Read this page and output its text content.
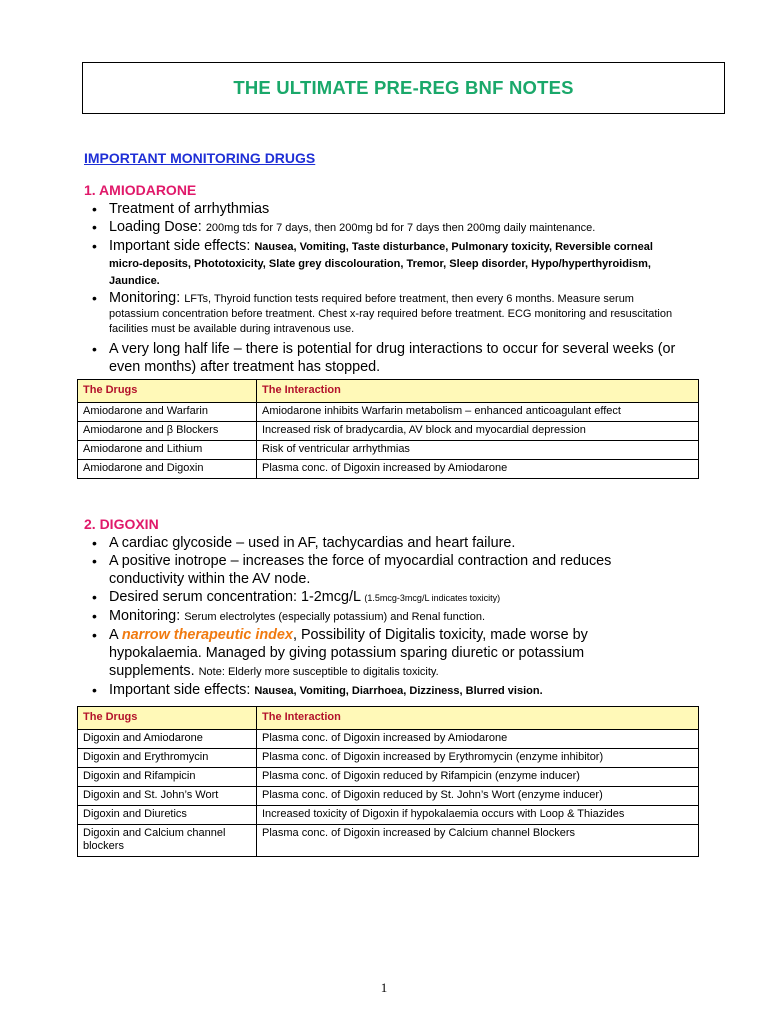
THE ULTIMATE PRE-REG BNF NOTES
IMPORTANT MONITORING DRUGS
1. AMIODARONE
• Treatment of arrhythmias
• Loading Dose: 200mg tds for 7 days, then 200mg bd for 7 days then 200mg daily maintenance.
• Important side effects: Nausea, Vomiting, Taste disturbance, Pulmonary toxicity, Reversible corneal micro-deposits, Phototoxicity, Slate grey discolouration, Tremor, Sleep disorder, Hypo/hyperthyroidism, Jaundice.
• Monitoring: LFTs, Thyroid function tests required before treatment, then every 6 months. Measure serum potassium concentration before treatment. Chest x-ray required before treatment. ECG monitoring and resuscitation facilities must be available during intravenous use.
• A very long half life – there is potential for drug interactions to occur for several weeks (or even months) after treatment has stopped.
The Drugs	The Interaction
Amiodarone and Warfarin	Amiodarone inhibits Warfarin metabolism – enhanced anticoagulant effect
Amiodarone and β Blockers	Increased risk of bradycardia, AV block and myocardial depression
Amiodarone and Lithium	Risk of ventricular arrhythmias
Amiodarone and Digoxin	Plasma conc. of Digoxin increased by Amiodarone
2. DIGOXIN
• A cardiac glycoside – used in AF, tachycardias and heart failure.
• A positive inotrope – increases the force of myocardial contraction and reduces conductivity within the AV node.
• Desired serum concentration: 1-2mcg/L (1.5mcg-3mcg/L indicates toxicity)
• Monitoring: Serum electrolytes (especially potassium) and Renal function.
• A narrow therapeutic index, Possibility of Digitalis toxicity, made worse by hypokalaemia. Managed by giving potassium sparing diuretic or potassium supplements. Note: Elderly more susceptible to digitalis toxicity.
• Important side effects: Nausea, Vomiting, Diarrhoea, Dizziness, Blurred vision.
The Drugs	The Interaction
Digoxin and Amiodarone	Plasma conc. of Digoxin increased by Amiodarone
Digoxin and Erythromycin	Plasma conc. of Digoxin increased by Erythromycin (enzyme inhibitor)
Digoxin and Rifampicin	Plasma conc. of Digoxin reduced by Rifampicin (enzyme inducer)
Digoxin and St. John’s Wort	Plasma conc. of Digoxin reduced by St. John’s Wort (enzyme inducer)
Digoxin and Diuretics	Increased toxicity of Digoxin if hypokalaemia occurs with Loop & Thiazides
Digoxin and Calcium channel blockers	Plasma conc. of Digoxin increased by Calcium channel Blockers
1
